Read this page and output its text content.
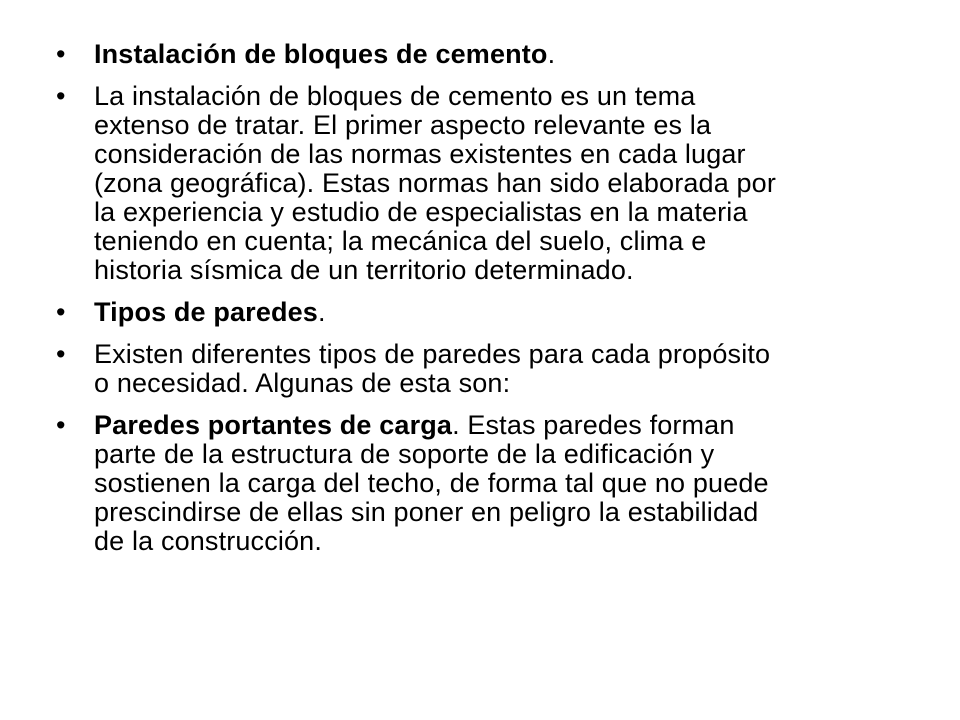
• Instalación de bloques de cemento.
• La instalación de bloques de cemento es un tema
extenso de tratar. El primer aspecto relevante es la
consideración de las normas existentes en cada lugar
(zona geográfica). Estas normas han sido elaborada por
la experiencia y estudio de especialistas en la materia
teniendo en cuenta; la mecánica del suelo, clima e
historia sísmica de un territorio determinado.
• Tipos de paredes.
• Existen diferentes tipos de paredes para cada propósito
o necesidad. Algunas de esta son:
• Paredes portantes de carga. Estas paredes forman
parte de la estructura de soporte de la edificación y
sostienen la carga del techo, de forma tal que no puede
prescindirse de ellas sin poner en peligro la estabilidad
de la construcción.
